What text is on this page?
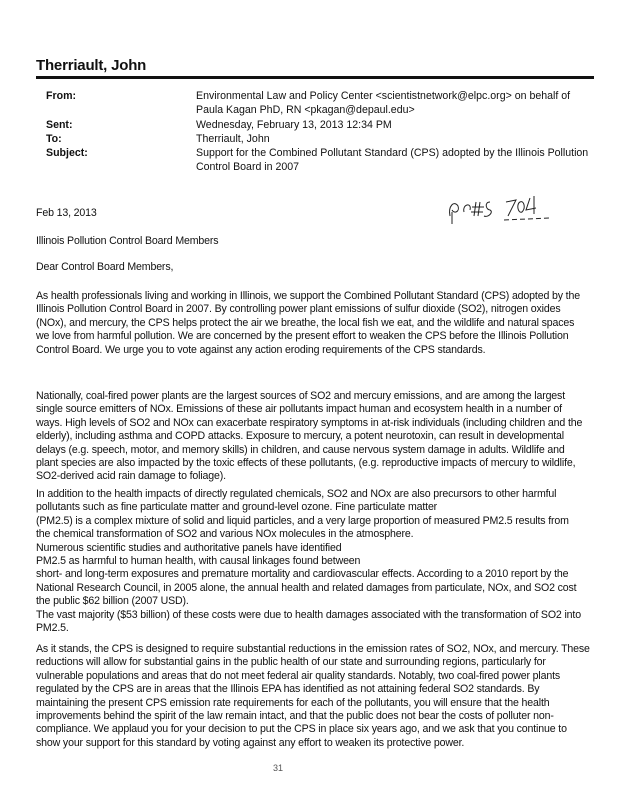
Therriault, John
From:	Environmental Law and Policy Center <scientistnetwork@elpc.org> on behalf of Paula Kagan PhD, RN <pkagan@depaul.edu>
Sent:	Wednesday, February 13, 2013 12:34 PM
To:	Therriault, John
Subject:	Support for the Combined Pollutant Standard (CPS) adopted by the Illinois Pollution Control Board in 2007
Feb 13, 2013
Illinois Pollution Control Board Members
Dear Control Board Members,
As health professionals living and working in Illinois, we support the Combined Pollutant Standard (CPS) adopted by the
Illinois Pollution Control Board in 2007. By controlling power plant emissions of sulfur dioxide (SO2), nitrogen oxides
(NOx), and mercury, the CPS helps protect the air we breathe, the local fish we eat, and the wildlife and natural spaces
we love from harmful pollution. We are concerned by the present effort to weaken the CPS before the Illinois Pollution
Control Board. We urge you to vote against any action eroding requirements of the CPS standards.
Nationally, coal-fired power plants are the largest sources of SO2 and mercury emissions, and are among the largest
single source emitters of NOx. Emissions of these air pollutants impact human and ecosystem health in a number of
ways. High levels of SO2 and NOx can exacerbate respiratory symptoms in at-risk individuals (including children and the
elderly), including asthma and COPD attacks. Exposure to mercury, a potent neurotoxin, can result in developmental
delays (e.g. speech, motor, and memory skills) in children, and cause nervous system damage in adults. Wildlife and
plant species are also impacted by the toxic effects of these pollutants, (e.g. reproductive impacts of mercury to wildlife,
SO2-derived acid rain damage to foliage).
In addition to the health impacts of directly regulated chemicals, SO2 and NOx are also precursors to other harmful
pollutants such as fine particulate matter and ground-level ozone. Fine particulate matter
(PM2.5) is a complex mixture of solid and liquid particles, and a very large proportion of measured PM2.5 results from
the chemical transformation of SO2 and various NOx molecules in the atmosphere.
Numerous scientific studies and authoritative panels have identified
PM2.5 as harmful to human health, with causal linkages found between
short- and long-term exposures and premature mortality and cardiovascular effects. According to a 2010 report by the
National Research Council, in 2005 alone, the annual health and related damages from particulate, NOx, and SO2 cost
the public $62 billion (2007 USD).
The vast majority ($53 billion) of these costs were due to health damages associated with the transformation of SO2 into
PM2.5.
As it stands, the CPS is designed to require substantial reductions in the emission rates of SO2, NOx, and mercury. These
reductions will allow for substantial gains in the public health of our state and surrounding regions, particularly for
vulnerable populations and areas that do not meet federal air quality standards. Notably, two coal-fired power plants
regulated by the CPS are in areas that the Illinois EPA has identified as not attaining federal SO2 standards. By
maintaining the present CPS emission rate requirements for each of the pollutants, you will ensure that the health
improvements behind the spirit of the law remain intact, and that the public does not bear the costs of polluter non-
compliance. We applaud you for your decision to put the CPS in place six years ago, and we ask that you continue to
show your support for this standard by voting against any effort to weaken its protective power.
31
